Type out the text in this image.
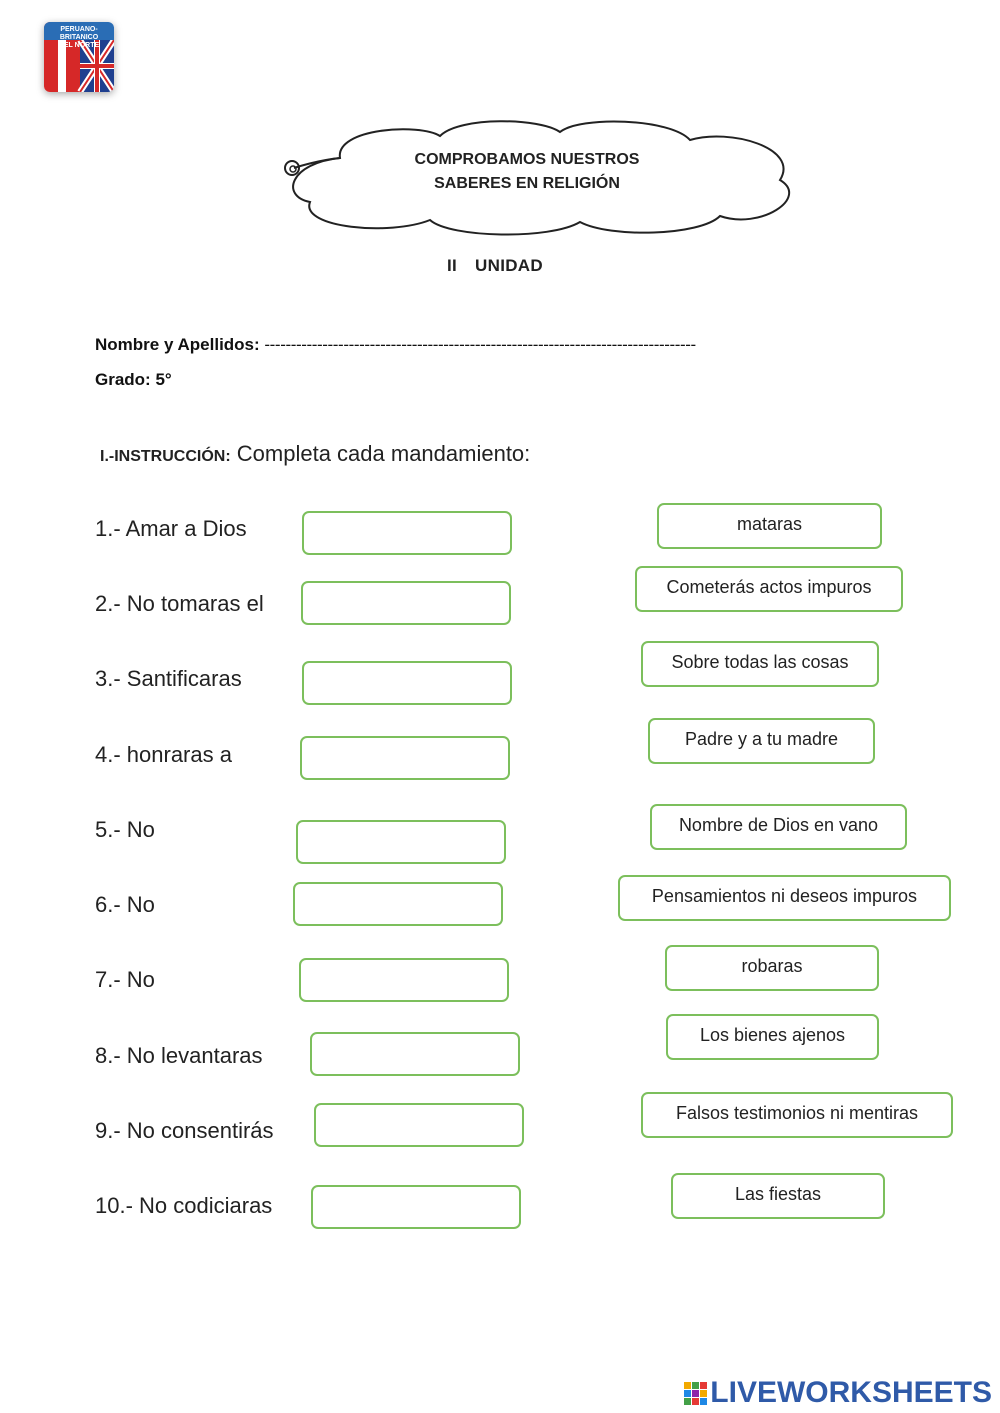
PERUANO-BRITANICO
DEL NORTE
COMPROBAMOS NUESTROS
SABERES EN RELIGIÓN
II UNIDAD
Nombre y Apellidos: ----------------------------------------------------------------------------------
Grado: 5°
I.-INSTRUCCIÓN: Completa cada mandamiento:
1.- Amar a Dios
2.- No tomaras el
3.- Santificaras
4.- honraras a
5.- No
6.- No
7.- No
8.- No levantaras
9.- No consentirás
10.- No codiciaras
mataras
Cometerás actos impuros
Sobre todas las cosas
Padre y a tu madre
Nombre de Dios en vano
Pensamientos ni deseos impuros
robaras
Los bienes ajenos
Falsos testimonios ni mentiras
Las fiestas
LIVEWORKSHEETS
